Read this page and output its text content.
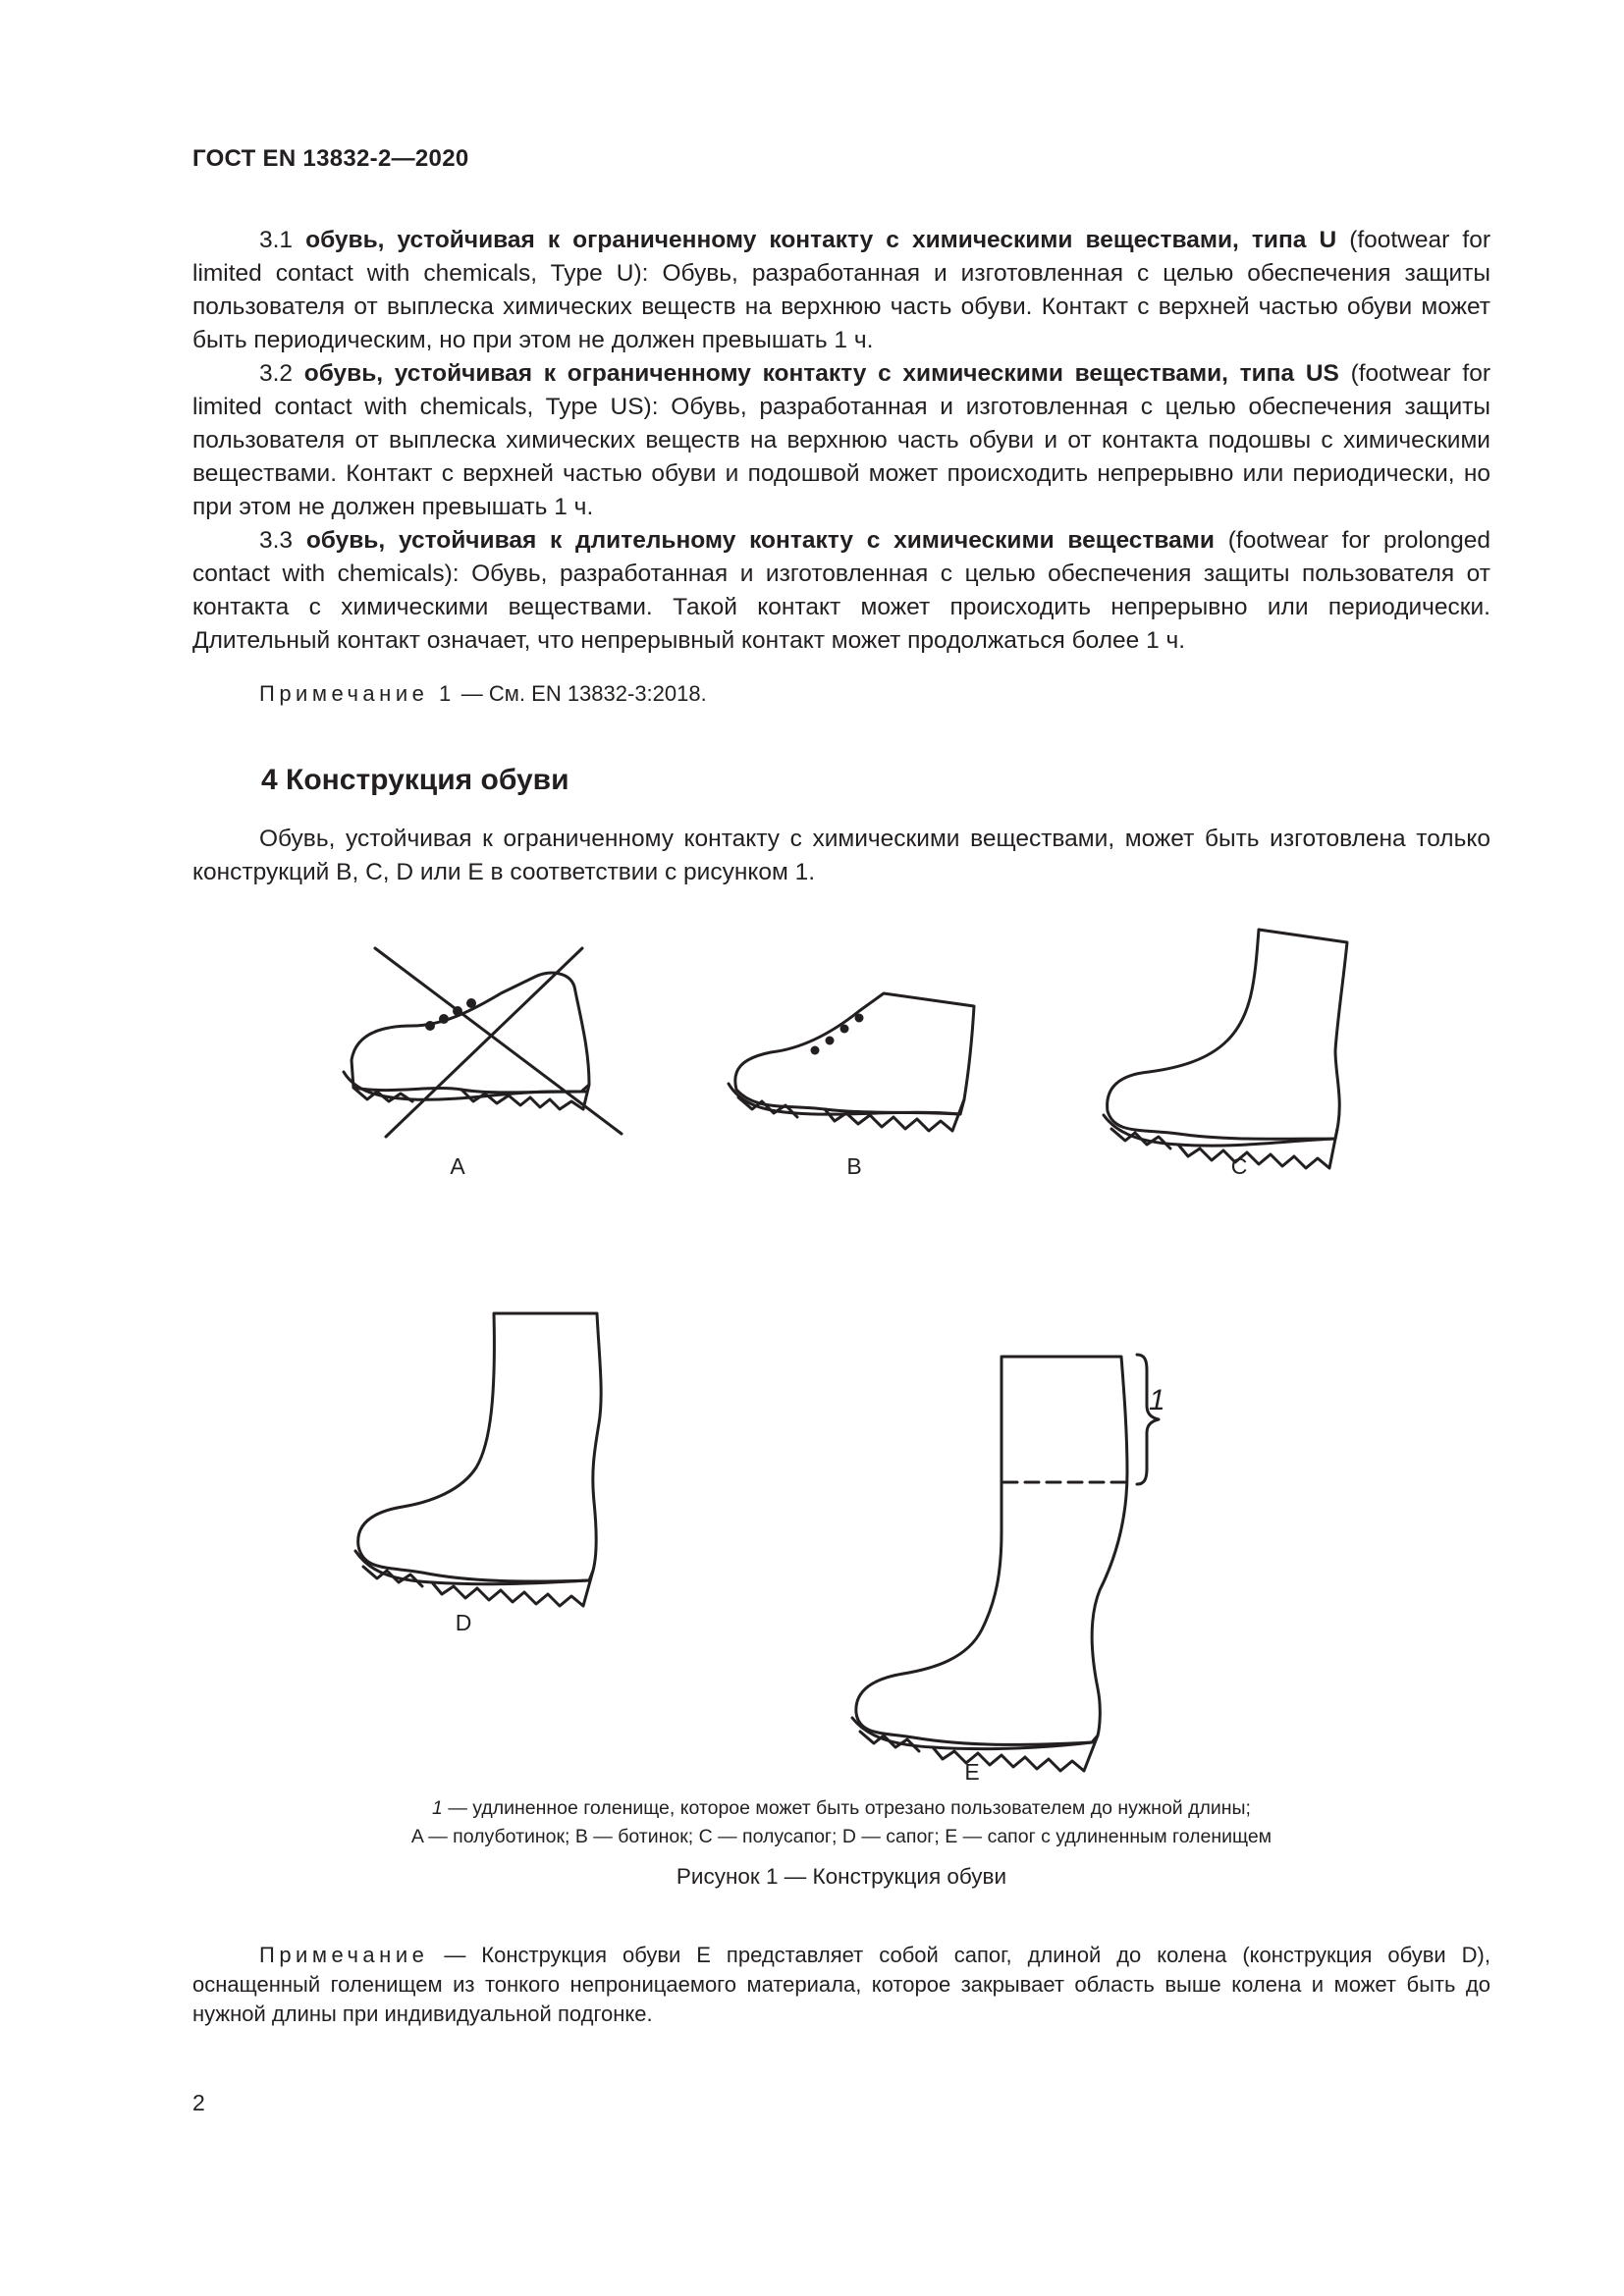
ГОСТ EN 13832-2—2020

3.1 обувь, устойчивая к ограниченному контакту с химическими веществами, типа U (footwear for limited contact with chemicals, Type U): Обувь, разработанная и изготовленная с целью обеспечения защиты пользователя от выплеска химических веществ на верхнюю часть обуви. Контакт с верхней частью обуви может быть периодическим, но при этом не должен превышать 1 ч.

3.2 обувь, устойчивая к ограниченному контакту с химическими веществами, типа US (footwear for limited contact with chemicals, Type US): Обувь, разработанная и изготовленная с целью обеспечения защиты пользователя от выплеска химических веществ на верхнюю часть обуви и от контакта подошвы с химическими веществами. Контакт с верхней частью обуви и подошвой может происходить непрерывно или периодически, но при этом не должен превышать 1 ч.

3.3 обувь, устойчивая к длительному контакту с химическими веществами (footwear for prolonged contact with chemicals): Обувь, разработанная и изготовленная с целью обеспечения защиты пользователя от контакта с химическими веществами. Такой контакт может происходить непрерывно или периодически. Длительный контакт означает, что непрерывный контакт может продолжаться более 1 ч.

Примечание 1 — См. EN 13832-3:2018.

4 Конструкция обуви

Обувь, устойчивая к ограниченному контакту с химическими веществами, может быть изготовлена только конструкций B, C, D или E в соответствии с рисунком 1.

1
A	B	C
D
E
1 — удлиненное голенище, которое может быть отрезано пользователем до нужной длины;
A — полуботинок; B — ботинок; C — полусапог; D — сапог; E — сапог с удлиненным голенищем
Рисунок 1 — Конструкция обуви

Примечание — Конструкция обуви E представляет собой сапог, длиной до колена (конструкция обуви D), оснащенный голенищем из тонкого непроницаемого материала, которое закрывает область выше колена и может быть до нужной длины при индивидуальной подгонке.

2
